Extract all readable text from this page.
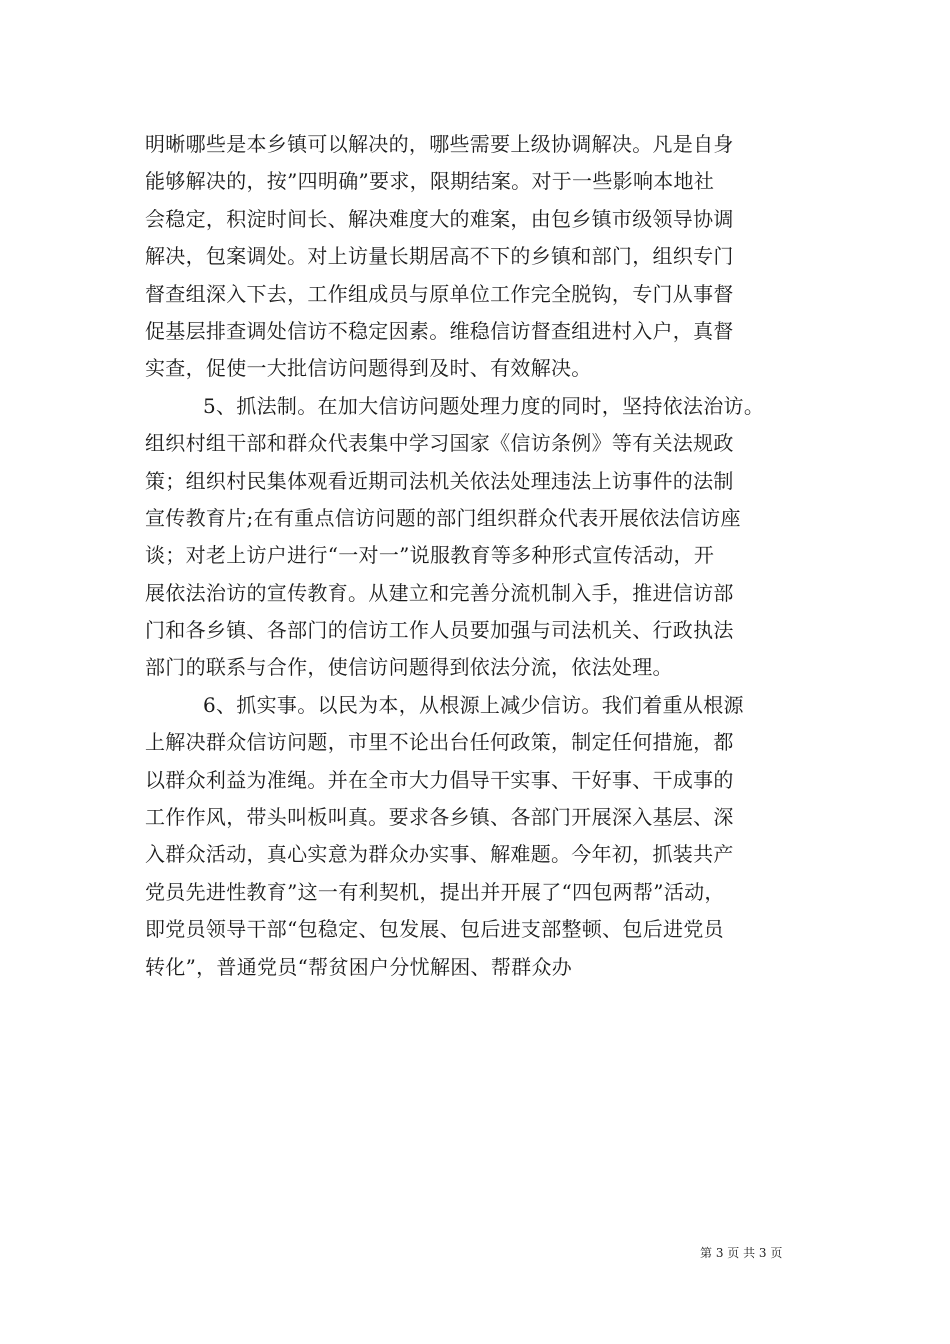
明晰哪些是本乡镇可以解决的，哪些需要上级协调解决。凡是自身
能够解决的，按”四明确”要求，限期结案。对于一些影响本地社
会稳定，积淀时间长、解决难度大的难案，由包乡镇市级领导协调
解决，包案调处。对上访量长期居高不下的乡镇和部门，组织专门
督查组深入下去，工作组成员与原单位工作完全脱钩，专门从事督
促基层排查调处信访不稳定因素。维稳信访督查组进村入户，真督
实查，促使一大批信访问题得到及时、有效解决。
5、抓法制。在加大信访问题处理力度的同时，坚持依法治访。
组织村组干部和群众代表集中学习国家《信访条例》等有关法规政
策；组织村民集体观看近期司法机关依法处理违法上访事件的法制
宣传教育片;在有重点信访问题的部门组织群众代表开展依法信访座
谈；对老上访户进行“一对一”说服教育等多种形式宣传活动，开
展依法治访的宣传教育。从建立和完善分流机制入手，推进信访部
门和各乡镇、各部门的信访工作人员要加强与司法机关、行政执法
部门的联系与合作，使信访问题得到依法分流，依法处理。
6、抓实事。以民为本，从根源上减少信访。我们着重从根源
上解决群众信访问题，市里不论出台任何政策，制定任何措施，都
以群众利益为准绳。并在全市大力倡导干实事、干好事、干成事的
工作作风，带头叫板叫真。要求各乡镇、各部门开展深入基层、深
入群众活动，真心实意为群众办实事、解难题。今年初，抓装共产
党员先进性教育”这一有利契机，提出并开展了“四包两帮”活动，
即党员领导干部“包稳定、包发展、包后进支部整顿、包后进党员
转化”，普通党员“帮贫困户分忧解困、帮群众办
第 3 页 共 3 页
